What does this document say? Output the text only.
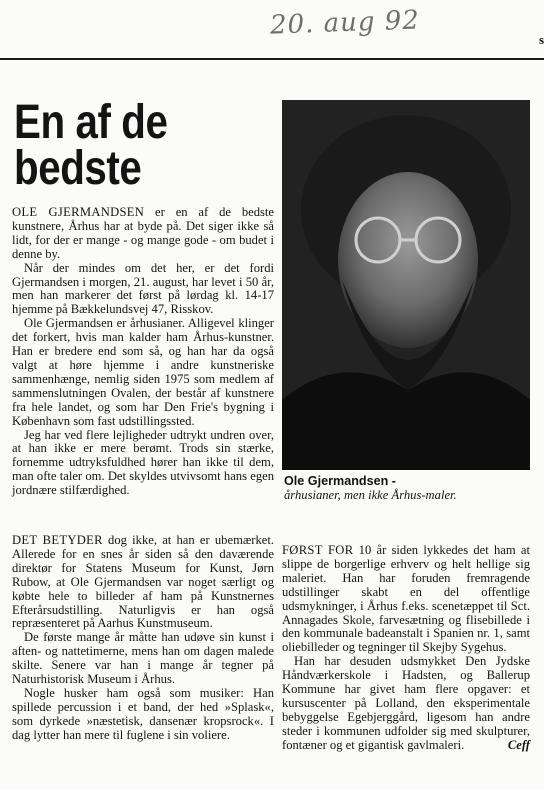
20. aug 92	s
En af de
bedste

OLE GJERMANDSEN er en af de bedste kunstnere, Århus har at byde på. Det siger ikke så lidt, for der er mange - og mange gode - om budet i denne by.

Når der mindes om det her, er det fordi Gjermandsen i morgen, 21. august, har levet i 50 år, men han markerer det først på lørdag kl. 14-17 hjemme på Bækkelundsvej 47, Risskov.

Ole Gjermandsen er århusianer. Alligevel klinger det forkert, hvis man kalder ham Århus-kunstner. Han er bredere end som så, og han har da også valgt at høre hjemme i andre kunstneriske sammenhænge, nemlig siden 1975 som medlem af sammenslutningen Ovalen, der består af kunstnere fra hele landet, og som har Den Frie's bygning i København som fast udstillingssted.

Jeg har ved flere lejligheder udtrykt undren over, at han ikke er mere berømt. Trods sin stærke, fornemme udtryksfuldhed hører han ikke til dem, man ofte taler om. Det skyldes utvivsomt hans egen jordnære stilfærdighed.

Ole Gjermandsen -
århusianer, men ikke Århus-maler.

DET BETYDER dog ikke, at han er ubemærket. Allerede for en snes år siden så den daværende direktør for Statens Museum for Kunst, Jørn Rubow, at Ole Gjermandsen var noget særligt og købte hele to billeder af ham på Kunstnernes Efterårsudstilling. Naturligvis er han også repræsenteret på Aarhus Kunstmuseum.

De første mange år måtte han udøve sin kunst i aften- og nattetimerne, mens han om dagen malede skilte. Senere var han i mange år tegner på Naturhistorisk Museum i Århus.

Nogle husker ham også som musiker: Han spillede percussion i et band, der hed »Splask«, som dyrkede »næstetisk, dansenær kropsrock«. I dag lytter han mere til fuglene i sin voliere.

FØRST FOR 10 år siden lykkedes det ham at slippe de borgerlige erhverv og helt hellige sig maleriet. Han har foruden fremragende udstillinger skabt en del offentlige udsmykninger, i Århus f.eks. scenetæppet til Sct. Annagades Skole, farvesætning og flisebillede i den kommunale badeanstalt i Spanien nr. 1, samt oliebilleder og tegninger til Skejby Sygehus.

Han har desuden udsmykket Den Jydske Håndværkerskole i Hadsten, og Ballerup Kommune har givet ham flere opgaver: et kursuscenter på Lolland, den eksperimentale bebyggelse Egebjerggård, ligesom han andre steder i kommunen udfolder sig med skulpturer, fontæner og et gigantisk gavlmaleri.	Ceff
